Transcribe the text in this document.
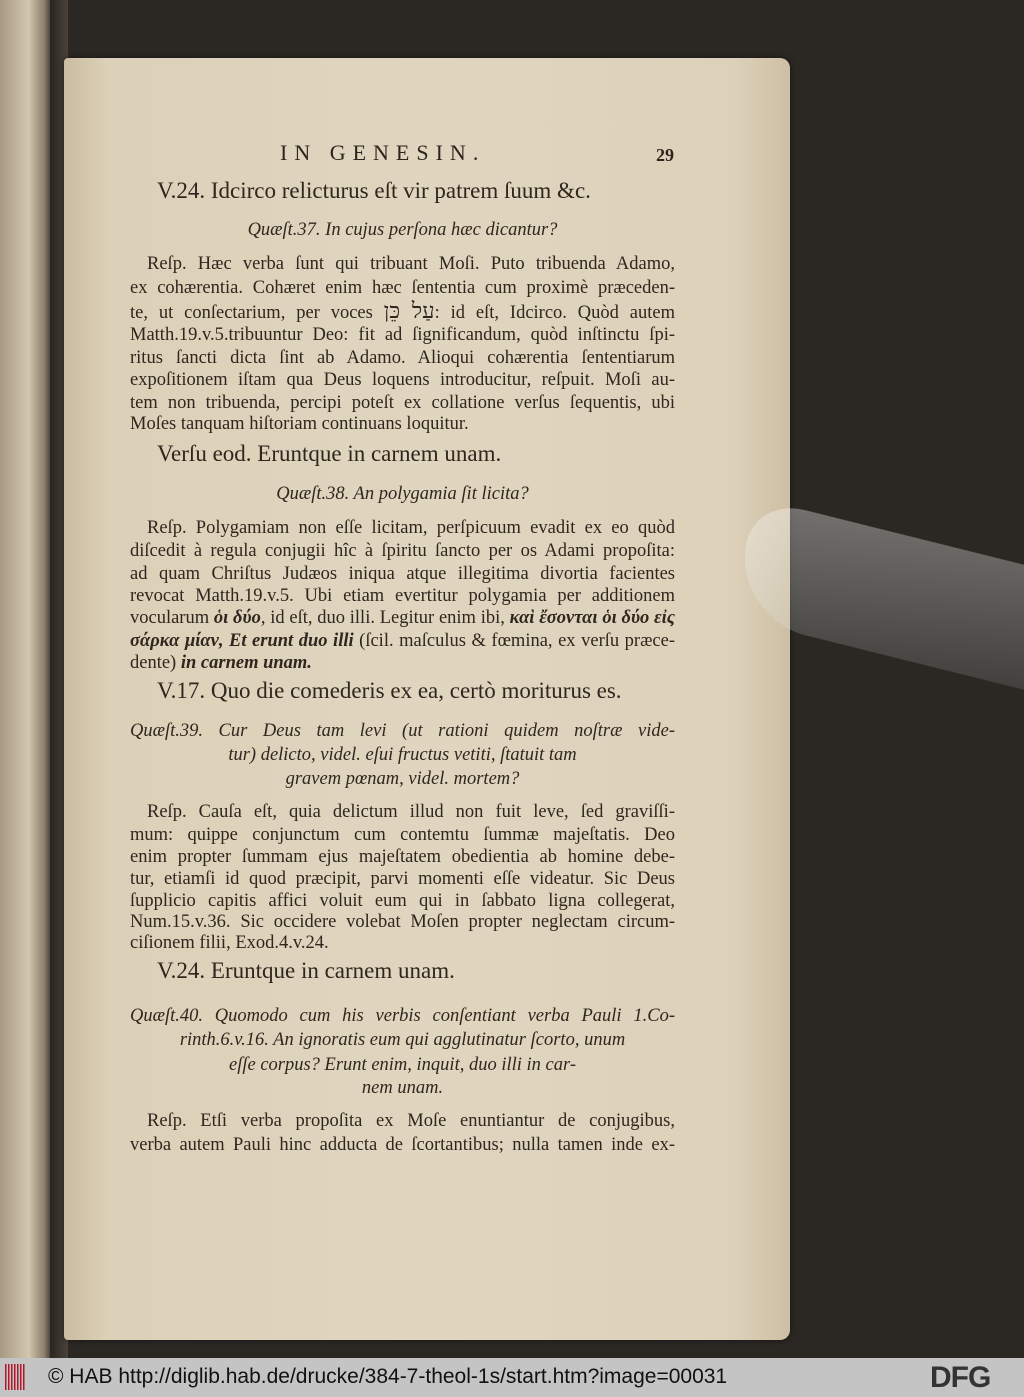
IN GENESIN.	29
V.24. Idcirco relicturus eſt vir patrem ſuum &c.
Quæſt.37. In cujus perſona hæc dicantur?
Reſp. Hæc verba ſunt qui tribuant Moſi. Puto tribuenda Adamo,
ex cohærentia. Cohæret enim hæc ſententia cum proximè præceden-
te, ut conſectarium, per voces עַל כֵּן: id eſt, Idcirco. Quòd autem
Matth.19.v.5.tribuuntur Deo: fit ad ſignificandum, quòd inſtinctu ſpi-
ritus ſancti dicta ſint ab Adamo. Alioqui cohærentia ſententiarum
expoſitionem iſtam qua Deus loquens introducitur, reſpuit. Moſi au-
tem non tribuenda, percipi poteſt ex collatione verſus ſequentis, ubi
Moſes tanquam hiſtoriam continuans loquitur.
Verſu eod. Eruntque in carnem unam.
Quæſt.38. An polygamia ſit licita?
Reſp. Polygamiam non eſſe licitam, perſpicuum evadit ex eo quòd
diſcedit à regula conjugii hîc à ſpiritu ſancto per os Adami propoſita:
ad quam Chriſtus Judæos iniqua atque illegitima divortia facientes
revocat Matth.19.v.5. Ubi etiam evertitur polygamia per additionem
vocularum ὁι δύο, id eſt, duo illi. Legitur enim ibi, καὶ ἔσονται ὁι δύο εἰς
σάρκα μίαν, Et erunt duo illi (ſcil. maſculus & fœmina, ex verſu præce-
dente) in carnem unam.
V.17. Quo die comederis ex ea, certò moriturus es.
Quæſt.39. Cur Deus tam levi (ut rationi quidem noſtræ vide-
tur) delicto, videl. eſui fructus vetiti, ſtatuit tam
gravem pœnam, videl. mortem?
Reſp. Cauſa eſt, quia delictum illud non fuit leve, ſed graviſſi-
mum: quippe conjunctum cum contemtu ſummæ majeſtatis. Deo
enim propter ſummam ejus majeſtatem obedientia ab homine debe-
tur, etiamſi id quod præcipit, parvi momenti eſſe videatur. Sic Deus
ſupplicio capitis affici voluit eum qui in ſabbato ligna collegerat,
Num.15.v.36. Sic occidere volebat Moſen propter neglectam circum-
ciſionem filii, Exod.4.v.24.
V.24. Eruntque in carnem unam.
Quæſt.40. Quomodo cum his verbis conſentiant verba Pauli 1.Co-
rinth.6.v.16. An ignoratis eum qui agglutinatur ſcorto, unum
eſſe corpus? Erunt enim, inquit, duo illi in car-
nem unam.
Reſp. Etſi verba propoſita ex Moſe enuntiantur de conjugibus,
verba autem Pauli hinc adducta de ſcortantibus; nulla tamen inde ex-
© HAB http://diglib.hab.de/drucke/384-7-theol-1s/start.htm?image=00031	DFG
